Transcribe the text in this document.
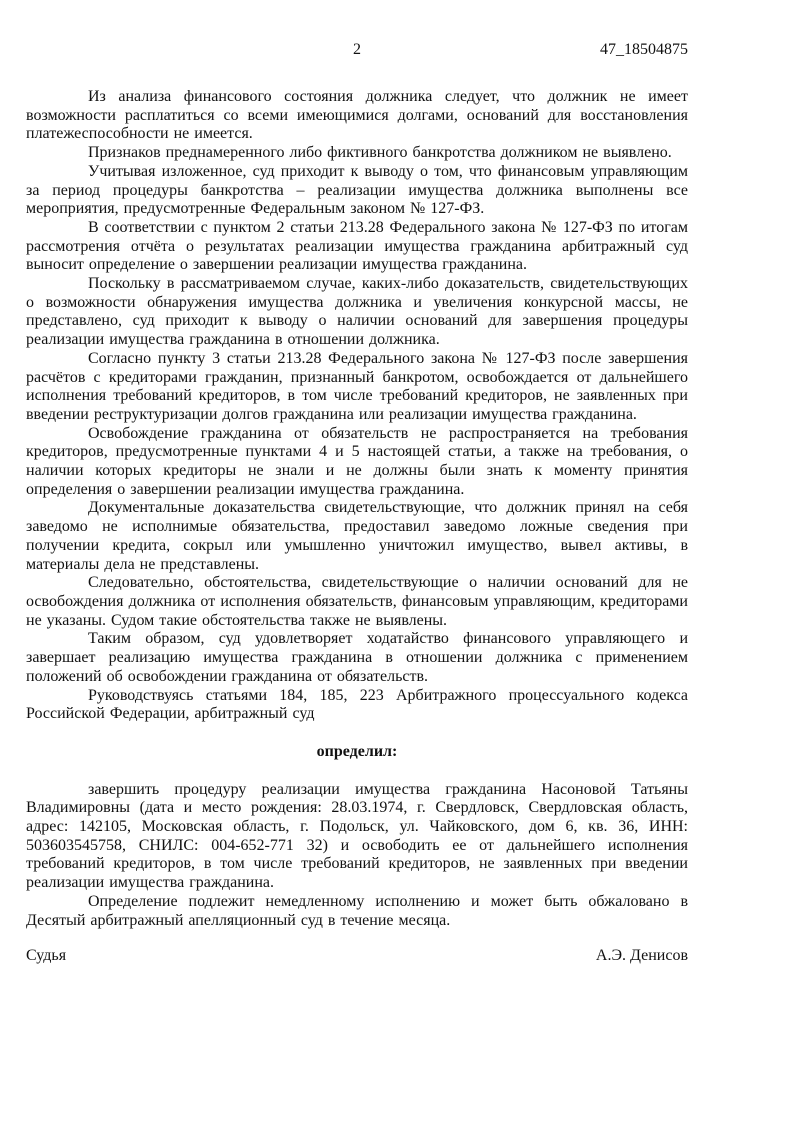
2	47_18504875

Из анализа финансового состояния должника следует, что должник не имеет возможности расплатиться со всеми имеющимися долгами, оснований для восстановления платежеспособности не имеется.

Признаков преднамеренного либо фиктивного банкротства должником не выявлено.

Учитывая изложенное, суд приходит к выводу о том, что финансовым управляющим за период процедуры банкротства – реализации имущества должника выполнены все мероприятия, предусмотренные Федеральным законом № 127-ФЗ.

В соответствии с пунктом 2 статьи 213.28 Федерального закона № 127-ФЗ по итогам рассмотрения отчёта о результатах реализации имущества гражданина арбитражный суд выносит определение о завершении реализации имущества гражданина.

Поскольку в рассматриваемом случае, каких-либо доказательств, свидетельствующих о возможности обнаружения имущества должника и увеличения конкурсной массы, не представлено, суд приходит к выводу о наличии оснований для завершения процедуры реализации имущества гражданина в отношении должника.

Согласно пункту 3 статьи 213.28 Федерального закона № 127-ФЗ после завершения расчётов с кредиторами гражданин, признанный банкротом, освобождается от дальнейшего исполнения требований кредиторов, в том числе требований кредиторов, не заявленных при введении реструктуризации долгов гражданина или реализации имущества гражданина.

Освобождение гражданина от обязательств не распространяется на требования кредиторов, предусмотренные пунктами 4 и 5 настоящей статьи, а также на требования, о наличии которых кредиторы не знали и не должны были знать к моменту принятия определения о завершении реализации имущества гражданина.

Документальные доказательства свидетельствующие, что должник принял на себя заведомо не исполнимые обязательства, предоставил заведомо ложные сведения при получении кредита, сокрыл или умышленно уничтожил имущество, вывел активы, в материалы дела не представлены.

Следовательно, обстоятельства, свидетельствующие о наличии оснований для не освобождения должника от исполнения обязательств, финансовым управляющим, кредиторами не указаны. Судом такие обстоятельства также не выявлены.

Таким образом, суд удовлетворяет ходатайство финансового управляющего и завершает реализацию имущества гражданина в отношении должника с применением положений об освобождении гражданина от обязательств.

Руководствуясь статьями 184, 185, 223 Арбитражного процессуального кодекса Российской Федерации, арбитражный суд

определил:

завершить процедуру реализации имущества гражданина Насоновой Татьяны Владимировны (дата и место рождения: 28.03.1974, г. Свердловск, Свердловская область, адрес: 142105, Московская область, г. Подольск, ул. Чайковского, дом 6, кв. 36, ИНН: 503603545758, СНИЛС: 004-652-771 32) и освободить ее от дальнейшего исполнения требований кредиторов, в том числе требований кредиторов, не заявленных при введении реализации имущества гражданина.

Определение подлежит немедленному исполнению и может быть обжаловано в Десятый арбитражный апелляционный суд в течение месяца.

Судья	А.Э. Денисов
